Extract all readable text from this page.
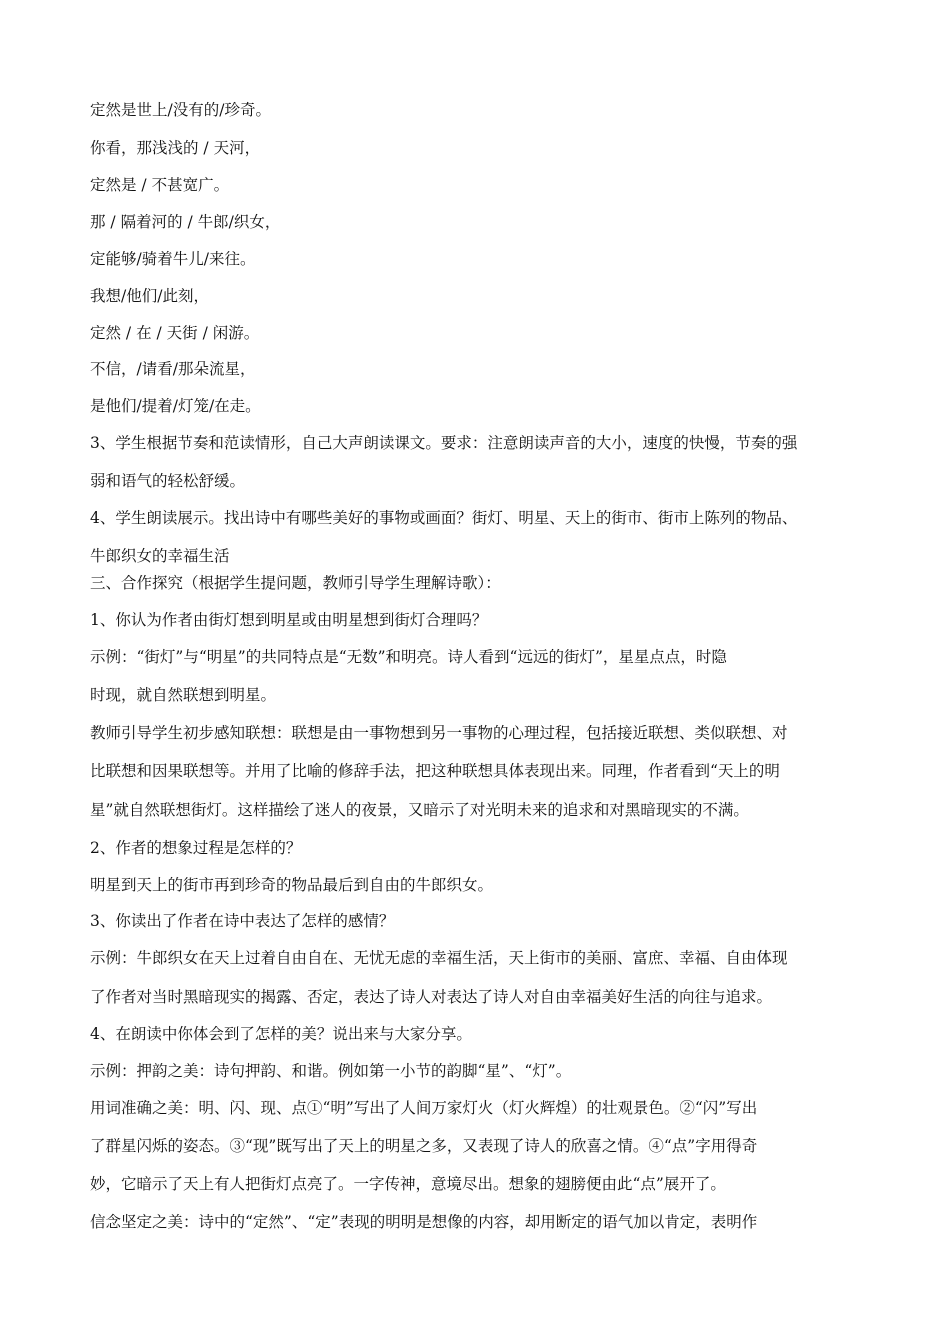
定然是世上/没有的/珍奇。
你看，那浅浅的 / 天河，
定然是 / 不甚宽广。
那 / 隔着河的 / 牛郎/织女，
定能够/骑着牛儿/来往。
我想/他们/此刻，
定然 / 在 / 天街 / 闲游。
不信，/请看/那朵流星，
是他们/提着/灯笼/在走。
3、学生根据节奏和范读情形，自己大声朗读课文。要求：注意朗读声音的大小，速度的快慢，节奏的强
弱和语气的轻松舒缓。
4、学生朗读展示。找出诗中有哪些美好的事物或画面？街灯、明星、天上的街市、街市上陈列的物品、
牛郎织女的幸福生活
三、合作探究（根据学生提问题，教师引导学生理解诗歌）：
1、你认为作者由街灯想到明星或由明星想到街灯合理吗？
示例：“街灯”与“明星”的共同特点是“无数”和明亮。诗人看到“远远的街灯”，星星点点，时隐
时现，就自然联想到明星。
教师引导学生初步感知联想：联想是由一事物想到另一事物的心理过程，包括接近联想、类似联想、对
比联想和因果联想等。并用了比喻的修辞手法，把这种联想具体表现出来。同理，作者看到“天上的明
星”就自然联想街灯。这样描绘了迷人的夜景，又暗示了对光明未来的追求和对黑暗现实的不满。
2、作者的想象过程是怎样的？
明星到天上的街市再到珍奇的物品最后到自由的牛郎织女。
3、你读出了作者在诗中表达了怎样的感情？
示例：牛郎织女在天上过着自由自在、无忧无虑的幸福生活，天上街市的美丽、富庶、幸福、自由体现
了作者对当时黑暗现实的揭露、否定，表达了诗人对表达了诗人对自由幸福美好生活的向往与追求。
4、在朗读中你体会到了怎样的美？说出来与大家分享。
示例：押韵之美：诗句押韵、和谐。例如第一小节的韵脚“星”、“灯”。
用词准确之美：明、闪、现、点①“明”写出了人间万家灯火（灯火辉煌）的壮观景色。②“闪”写出
了群星闪烁的姿态。③“现”既写出了天上的明星之多，又表现了诗人的欣喜之情。④“点”字用得奇
妙，它暗示了天上有人把街灯点亮了。一字传神，意境尽出。想象的翅膀便由此“点”展开了。
信念坚定之美：诗中的“定然”、“定”表现的明明是想像的内容，却用断定的语气加以肯定，表明作
